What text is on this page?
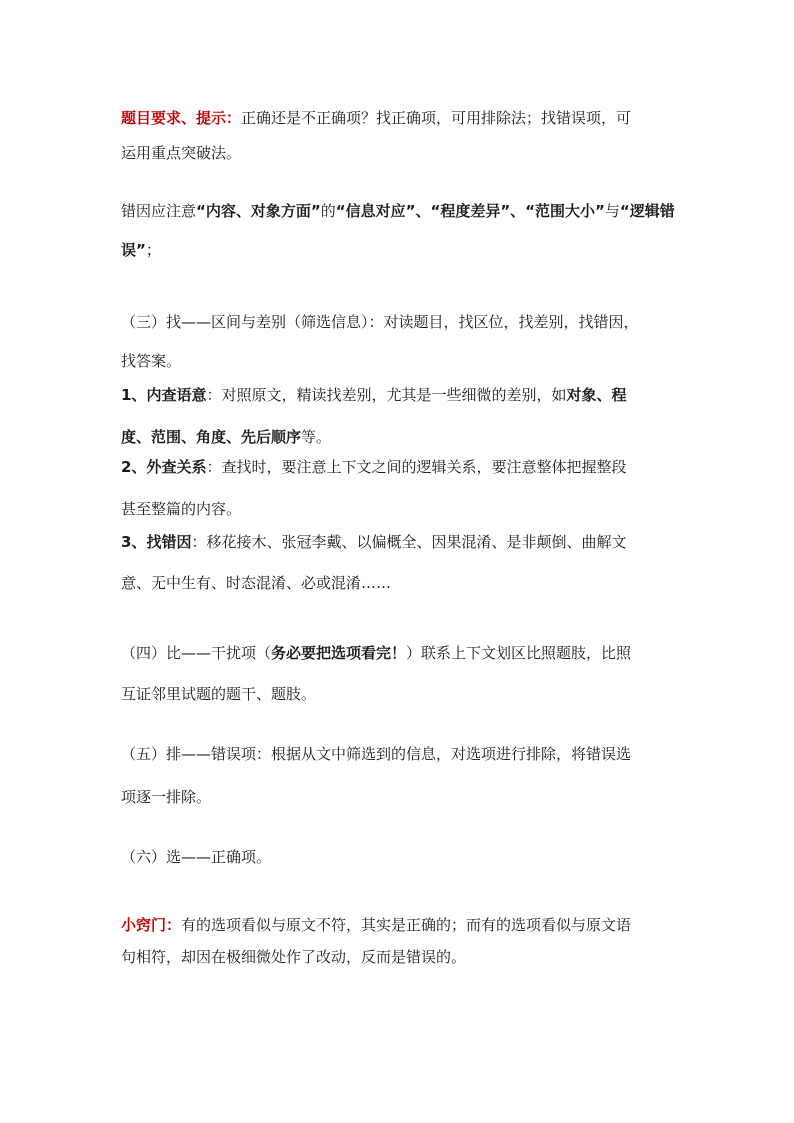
题目要求、提示：正确还是不正确项？找正确项，可用排除法；找错误项，可
运用重点突破法。
错因应注意“内容、对象方面”的“信息对应”、“程度差异”、“范围大小”与“逻辑错
误”；
（三）找——区间与差别（筛选信息）：对读题目，找区位，找差别，找错因，
找答案。
1、内查语意：对照原文，精读找差别，尤其是一些细微的差别，如对象、程
度、范围、角度、先后顺序等。
2、外查关系：查找时，要注意上下文之间的逻辑关系，要注意整体把握整段
甚至整篇的内容。
3、找错因：移花接木、张冠李戴、以偏概全、因果混淆、是非颠倒、曲解文
意、无中生有、时态混淆、必或混淆……
（四）比——干扰项（务必要把选项看完！）联系上下文划区比照题肢，比照
互证邻里试题的题干、题肢。
（五）排——错误项：根据从文中筛选到的信息，对选项进行排除，将错误选
项逐一排除。
（六）选——正确项。
小窍门：有的选项看似与原文不符，其实是正确的；而有的选项看似与原文语
句相符，却因在极细微处作了改动，反而是错误的。
